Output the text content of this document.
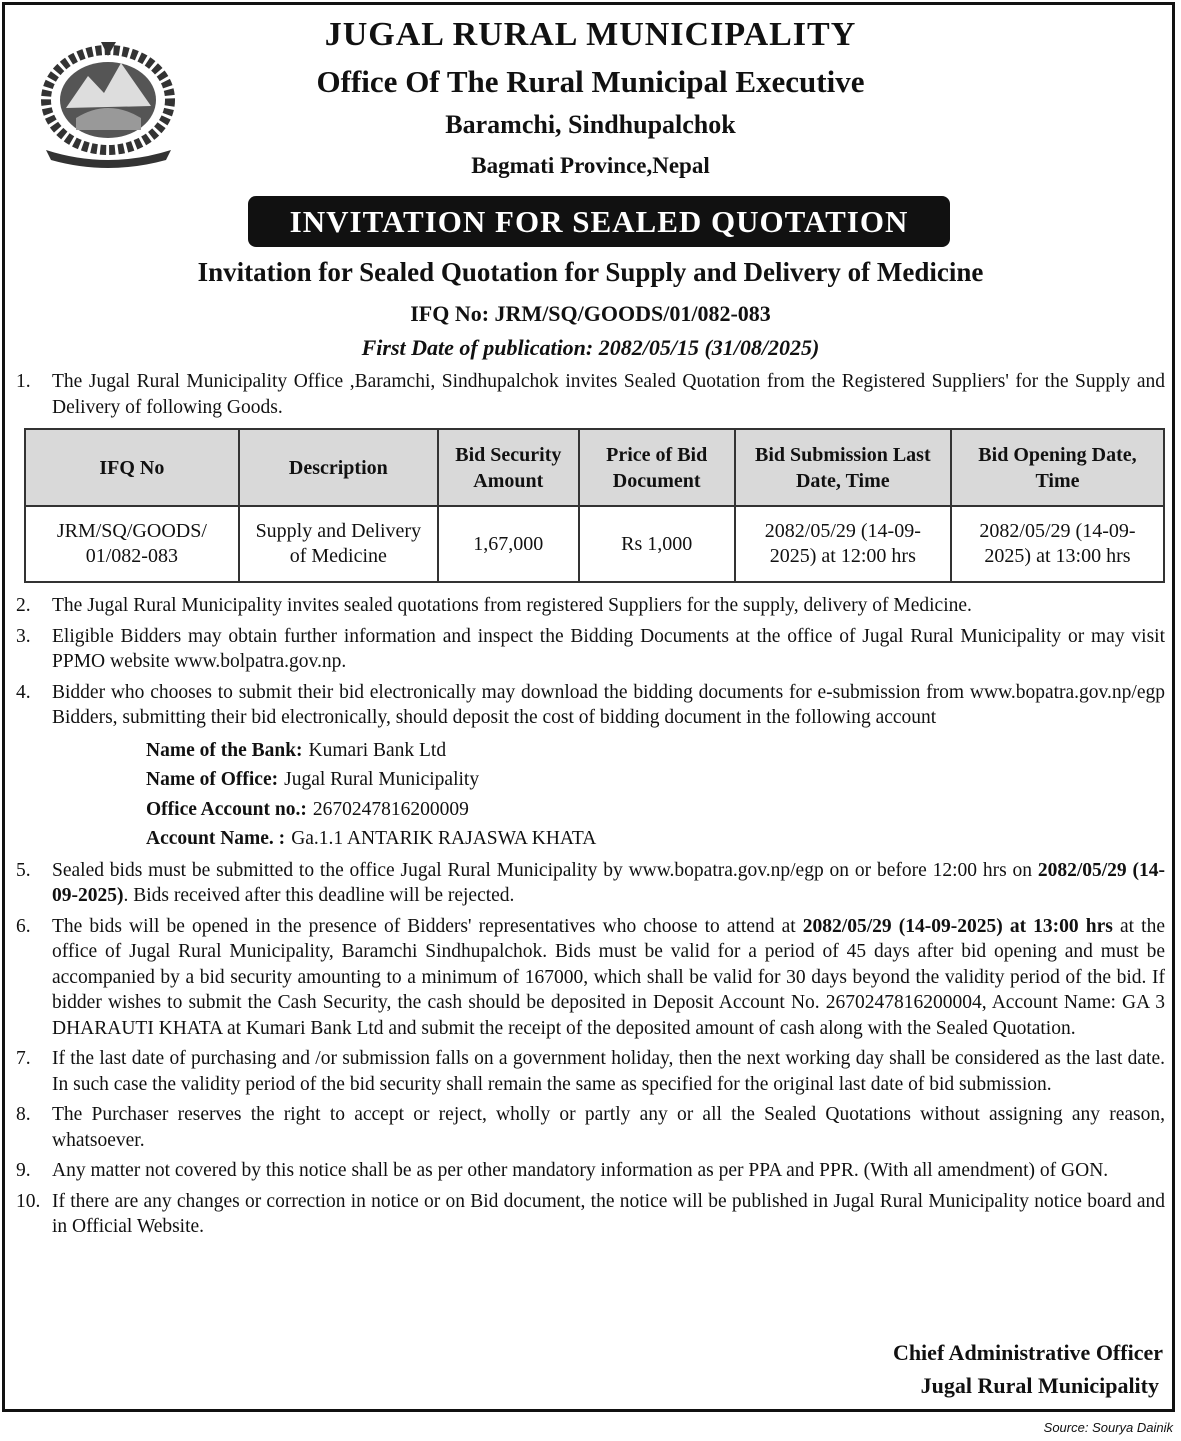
JUGAL RURAL MUNICIPALITY

Office Of The Rural Municipal Executive

Baramchi, Sindhupalchok

Bagmati Province,Nepal

INVITATION FOR SEALED QUOTATION

Invitation for Sealed Quotation for Supply and Delivery of Medicine

IFQ No: JRM/SQ/GOODS/01/082-083

First Date of publication: 2082/05/15 (31/08/2025)

1.	The Jugal Rural Municipality Office ,Baramchi, Sindhupalchok invites Sealed Quotation from the Registered Suppliers' for the Supply and Delivery of following Goods.
IFQ No	Description	Bid Security Amount	Price of Bid Document	Bid Submission Last Date, Time	Bid Opening Date, Time
JRM/SQ/GOODS/ 01/082-083	Supply and Delivery of Medicine	1,67,000	Rs 1,000	2082/05/29 (14-09-2025) at 12:00 hrs	2082/05/29 (14-09-2025) at 13:00 hrs
2.	The Jugal Rural Municipality invites sealed quotations from registered Suppliers for the supply, delivery of Medicine.
3.	Eligible Bidders may obtain further information and inspect the Bidding Documents at the office of Jugal Rural Municipality or may visit PPMO website www.bolpatra.gov.np.
4.	Bidder who chooses to submit their bid electronically may download the bidding documents for e-submission from www.bopatra.gov.np/egp Bidders, submitting their bid electronically, should deposit the cost of bidding document in the following account
Name of the Bank: Kumari Bank Ltd
Name of Office: Jugal Rural Municipality
Office Account no.: 2670247816200009
Account Name. : Ga.1.1 ANTARIK RAJASWA KHATA
5.	Sealed bids must be submitted to the office Jugal Rural Municipality by www.bopatra.gov.np/egp on or before 12:00 hrs on 2082/05/29 (14-09-2025). Bids received after this deadline will be rejected.
6.	The bids will be opened in the presence of Bidders' representatives who choose to attend at 2082/05/29 (14-09-2025) at 13:00 hrs at the office of Jugal Rural Municipality, Baramchi Sindhupalchok. Bids must be valid for a period of 45 days after bid opening and must be accompanied by a bid security amounting to a minimum of 167000, which shall be valid for 30 days beyond the validity period of the bid. If bidder wishes to submit the Cash Security, the cash should be deposited in Deposit Account No. 2670247816200004, Account Name: GA 3 DHARAUTI KHATA at Kumari Bank Ltd and submit the receipt of the deposited amount of cash along with the Sealed Quotation.
7.	If the last date of purchasing and /or submission falls on a government holiday, then the next working day shall be considered as the last date. In such case the validity period of the bid security shall remain the same as specified for the original last date of bid submission.
8.	The Purchaser reserves the right to accept or reject, wholly or partly any or all the Sealed Quotations without assigning any reason, whatsoever.
9.	Any matter not covered by this notice shall be as per other mandatory information as per PPA and PPR. (With all amendment) of GON.
10. If there are any changes or correction in notice or on Bid document, the notice will be published in Jugal Rural Municipality notice board and in Official Website.

Chief Administrative Officer

Jugal Rural Municipality

Source: Sourya Dainik
